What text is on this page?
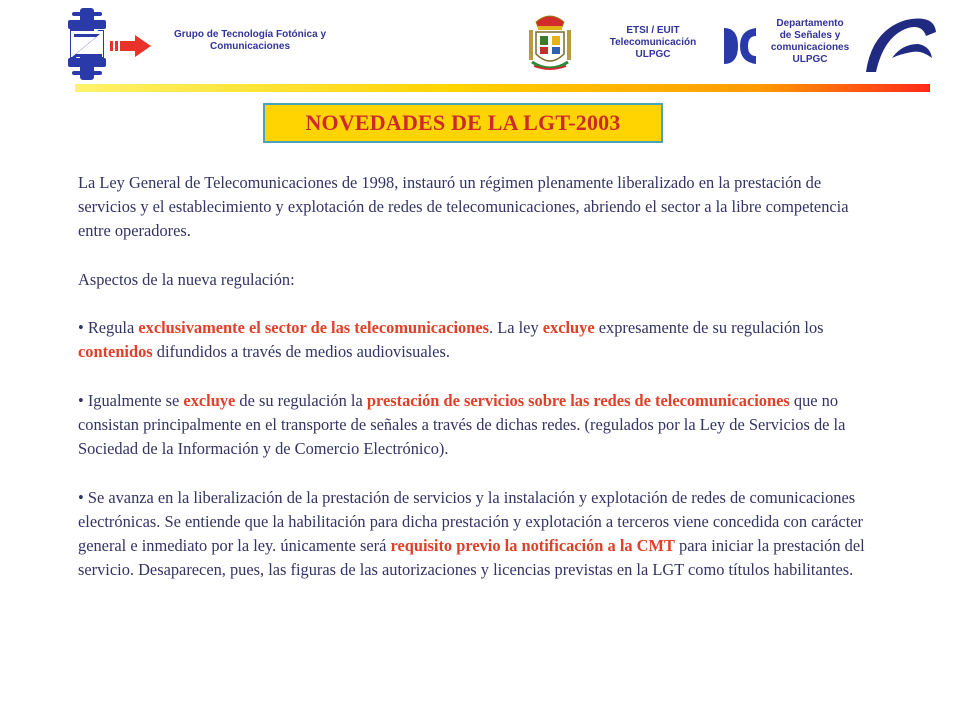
Grupo de Tecnología Fotónica y
Comunicaciones
ETSI / EUIT
Telecomunicación
ULPGC
Departamento
de Señales y
comunicaciones
ULPGC
NOVEDADES DE LA LGT-2003

La Ley General de Telecomunicaciones de 1998, instauró un régimen plenamente liberalizado en la prestación de servicios y el establecimiento y explotación de redes de telecomunicaciones, abriendo el sector a la libre competencia entre operadores.

Aspectos de la nueva regulación:

• Regula exclusivamente el sector de las telecomunicaciones. La ley excluye expresamente de su regulación los contenidos difundidos a través de medios audiovisuales.

• Igualmente se excluye de su regulación la prestación de servicios sobre las redes de telecomunicaciones que no consistan principalmente en el transporte de señales a través de dichas redes. (regulados por la Ley de Servicios de la Sociedad de la Información y de Comercio Electrónico).

• Se avanza en la liberalización de la prestación de servicios y la instalación y explotación de redes de comunicaciones electrónicas. Se entiende que la habilitación para dicha prestación y explotación a terceros viene concedida con carácter general e inmediato por la ley. únicamente será requisito previo la notificación a la CMT para iniciar la prestación del servicio. Desaparecen, pues, las figuras de las autorizaciones y licencias previstas en la LGT como títulos habilitantes.
